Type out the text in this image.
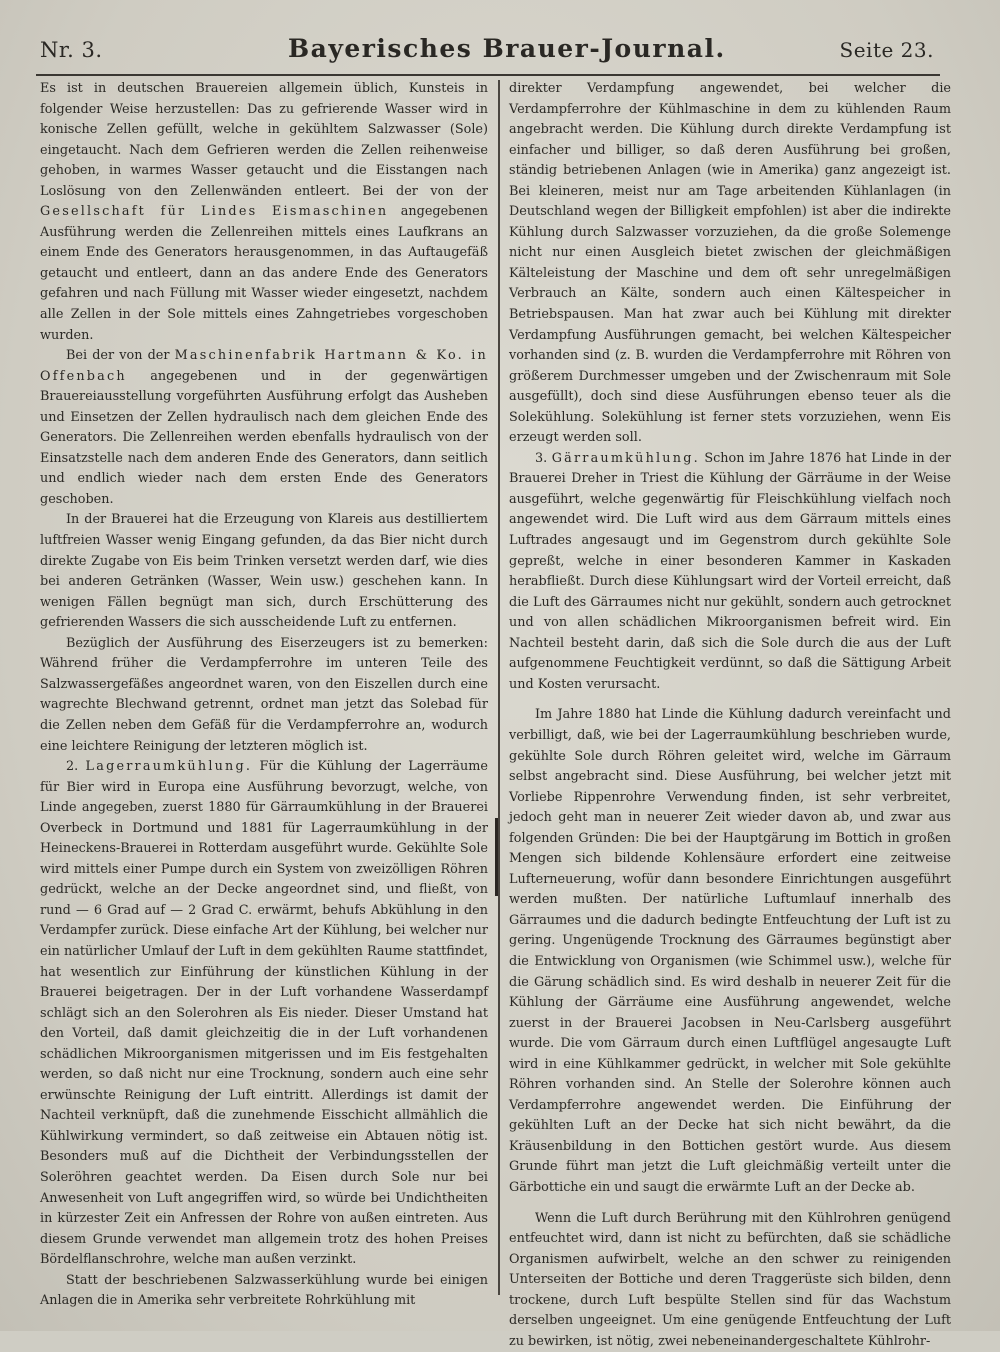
Nr. 3.	Bayerisches Brauer-Journal.	Seite 23.

Es ist in deutschen Brauereien allgemein üblich, Kunsteis in folgender Weise herzustellen: Das zu gefrierende Wasser wird in konische Zellen gefüllt, welche in gekühltem Salzwasser (Sole) eingetaucht. Nach dem Gefrieren werden die Zellen reihenweise gehoben, in warmes Wasser getaucht und die Eisstangen nach Loslösung von den Zellenwänden entleert. Bei der von der Gesellschaft für Lindes Eismaschinen angegebenen Ausführung werden die Zellenreihen mittels eines Laufkrans an einem Ende des Generators herausgenommen, in das Auftaugefäß getaucht und entleert, dann an das andere Ende des Generators gefahren und nach Füllung mit Wasser wieder eingesetzt, nachdem alle Zellen in der Sole mittels eines Zahngetriebes vorgeschoben wurden.

Bei der von der Maschinenfabrik Hartmann & Ko. in Offenbach angegebenen und in der gegenwärtigen Brauereiausstellung vorgeführten Ausführung erfolgt das Ausheben und Einsetzen der Zellen hydraulisch nach dem gleichen Ende des Generators. Die Zellenreihen werden ebenfalls hydraulisch von der Einsatzstelle nach dem anderen Ende des Generators, dann seitlich und endlich wieder nach dem ersten Ende des Generators geschoben.

In der Brauerei hat die Erzeugung von Klareis aus destilliertem luftfreien Wasser wenig Eingang gefunden, da das Bier nicht durch direkte Zugabe von Eis beim Trinken versetzt werden darf, wie dies bei anderen Getränken (Wasser, Wein usw.) geschehen kann. In wenigen Fällen begnügt man sich, durch Erschütterung des gefrierenden Wassers die sich ausscheidende Luft zu entfernen.

Bezüglich der Ausführung des Eiserzeugers ist zu bemerken: Während früher die Verdampferrohre im unteren Teile des Salzwassergefäßes angeordnet waren, von den Eiszellen durch eine wagrechte Blechwand getrennt, ordnet man jetzt das Solebad für die Zellen neben dem Gefäß für die Verdampferrohre an, wodurch eine leichtere Reinigung der letzteren möglich ist.

2. Lagerraumkühlung. Für die Kühlung der Lagerräume für Bier wird in Europa eine Ausführung bevorzugt, welche, von Linde angegeben, zuerst 1880 für Gärraumkühlung in der Brauerei Overbeck in Dortmund und 1881 für Lagerraumkühlung in der Heineckens-Brauerei in Rotterdam ausgeführt wurde. Gekühlte Sole wird mittels einer Pumpe durch ein System von zweizölligen Röhren gedrückt, welche an der Decke angeordnet sind, und fließt, von rund — 6 Grad auf — 2 Grad C. erwärmt, behufs Abkühlung in den Verdampfer zurück. Diese einfache Art der Kühlung, bei welcher nur ein natürlicher Umlauf der Luft in dem gekühlten Raume stattfindet, hat wesentlich zur Einführung der künstlichen Kühlung in der Brauerei beigetragen. Der in der Luft vorhandene Wasserdampf schlägt sich an den Solerohren als Eis nieder. Dieser Umstand hat den Vorteil, daß damit gleichzeitig die in der Luft vorhandenen schädlichen Mikroorganismen mitgerissen und im Eis festgehalten werden, so daß nicht nur eine Trocknung, sondern auch eine sehr erwünschte Reinigung der Luft eintritt. Allerdings ist damit der Nachteil verknüpft, daß die zunehmende Eisschicht allmählich die Kühlwirkung vermindert, so daß zeitweise ein Abtauen nötig ist. Besonders muß auf die Dichtheit der Verbindungsstellen der Soleröhren geachtet werden. Da Eisen durch Sole nur bei Anwesenheit von Luft angegriffen wird, so würde bei Undichtheiten in kürzester Zeit ein Anfressen der Rohre von außen eintreten. Aus diesem Grunde verwendet man allgemein trotz des hohen Preises Bördelflanschrohre, welche man außen verzinkt.

Statt der beschriebenen Salzwasserkühlung wurde bei einigen Anlagen die in Amerika sehr verbreitete Rohrkühlung mit

direkter Verdampfung angewendet, bei welcher die Verdampferrohre der Kühlmaschine in dem zu kühlenden Raum angebracht werden. Die Kühlung durch direkte Verdampfung ist einfacher und billiger, so daß deren Ausführung bei großen, ständig betriebenen Anlagen (wie in Amerika) ganz angezeigt ist. Bei kleineren, meist nur am Tage arbeitenden Kühlanlagen (in Deutschland wegen der Billigkeit empfohlen) ist aber die indirekte Kühlung durch Salzwasser vorzuziehen, da die große Solemenge nicht nur einen Ausgleich bietet zwischen der gleichmäßigen Kälteleistung der Maschine und dem oft sehr unregelmäßigen Verbrauch an Kälte, sondern auch einen Kältespeicher in Betriebspausen. Man hat zwar auch bei Kühlung mit direkter Verdampfung Ausführungen gemacht, bei welchen Kältespeicher vorhanden sind (z. B. wurden die Verdampferrohre mit Röhren von größerem Durchmesser umgeben und der Zwischenraum mit Sole ausgefüllt), doch sind diese Ausführungen ebenso teuer als die Solekühlung. Solekühlung ist ferner stets vorzuziehen, wenn Eis erzeugt werden soll.

3. Gärraumkühlung. Schon im Jahre 1876 hat Linde in der Brauerei Dreher in Triest die Kühlung der Gärräume in der Weise ausgeführt, welche gegenwärtig für Fleischkühlung vielfach noch angewendet wird. Die Luft wird aus dem Gärraum mittels eines Luftrades angesaugt und im Gegenstrom durch gekühlte Sole gepreßt, welche in einer besonderen Kammer in Kaskaden herabfließt. Durch diese Kühlungsart wird der Vorteil erreicht, daß die Luft des Gärraumes nicht nur gekühlt, sondern auch getrocknet und von allen schädlichen Mikroorganismen befreit wird. Ein Nachteil besteht darin, daß sich die Sole durch die aus der Luft aufgenommene Feuchtigkeit verdünnt, so daß die Sättigung Arbeit und Kosten verursacht.

Im Jahre 1880 hat Linde die Kühlung dadurch vereinfacht und verbilligt, daß, wie bei der Lagerraumkühlung beschrieben wurde, gekühlte Sole durch Röhren geleitet wird, welche im Gärraum selbst angebracht sind. Diese Ausführung, bei welcher jetzt mit Vorliebe Rippenrohre Verwendung finden, ist sehr verbreitet, jedoch geht man in neuerer Zeit wieder davon ab, und zwar aus folgenden Gründen: Die bei der Hauptgärung im Bottich in großen Mengen sich bildende Kohlensäure erfordert eine zeitweise Lufterneuerung, wofür dann besondere Einrichtungen ausgeführt werden mußten. Der natürliche Luftumlauf innerhalb des Gärraumes und die dadurch bedingte Entfeuchtung der Luft ist zu gering. Ungenügende Trocknung des Gärraumes begünstigt aber die Entwicklung von Organismen (wie Schimmel usw.), welche für die Gärung schädlich sind. Es wird deshalb in neuerer Zeit für die Kühlung der Gärräume eine Ausführung angewendet, welche zuerst in der Brauerei Jacobsen in Neu-Carlsberg ausgeführt wurde. Die vom Gärraum durch einen Luftflügel angesaugte Luft wird in eine Kühlkammer gedrückt, in welcher mit Sole gekühlte Röhren vorhanden sind. An Stelle der Solerohre können auch Verdampferrohre angewendet werden. Die Einführung der gekühlten Luft an der Decke hat sich nicht bewährt, da die Kräusenbildung in den Bottichen gestört wurde. Aus diesem Grunde führt man jetzt die Luft gleichmäßig verteilt unter die Gärbottiche ein und saugt die erwärmte Luft an der Decke ab.

Wenn die Luft durch Berührung mit den Kühlrohren genügend entfeuchtet wird, dann ist nicht zu befürchten, daß sie schädliche Organismen aufwirbelt, welche an den schwer zu reinigenden Unterseiten der Bottiche und deren Traggerüste sich bilden, denn trockene, durch Luft bespülte Stellen sind für das Wachstum derselben ungeeignet. Um eine genügende Entfeuchtung der Luft zu bewirken, ist nötig, zwei nebeneinandergeschaltete Kühlrohr-
